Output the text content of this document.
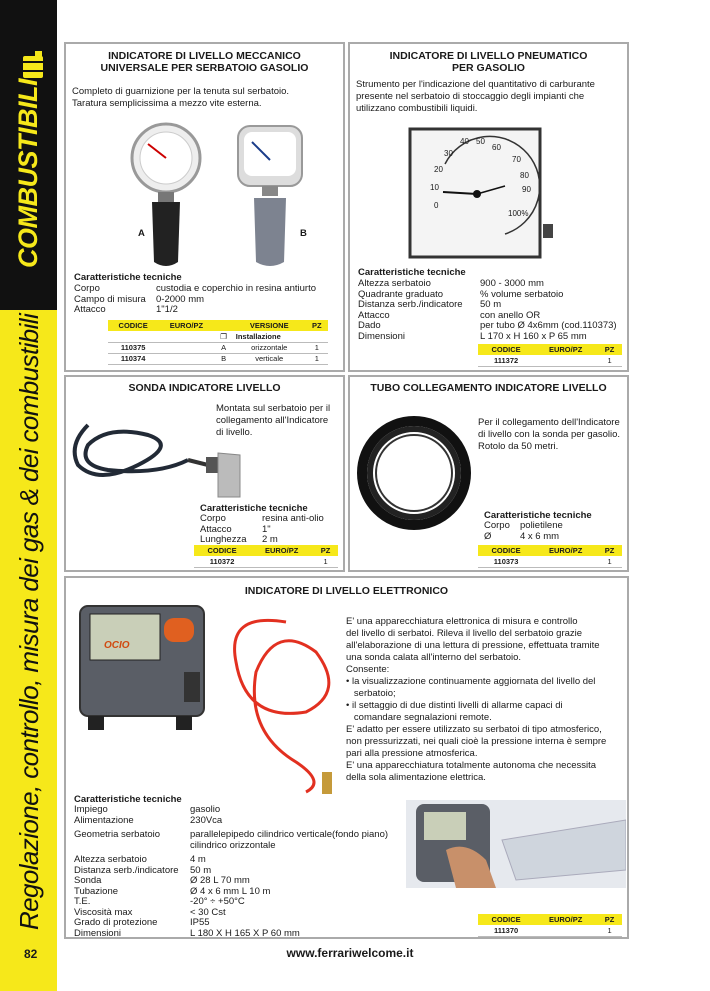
COMBUSTIBILI
Regolazione, controllo, misura dei gas & dei combustibili
82	www.ferrariwelcome.it
INDICATORE DI LIVELLO MECCANICO
UNIVERSALE PER SERBATOIO GASOLIO
Completo di guarnizione per la tenuta sul serbatoio.
Taratura semplicissima a mezzo vite esterna.
A	B
Caratteristiche tecniche
Corpo	custodia e coperchio in resina antiurto
Campo di misura	0-2000 mm
Attacco	1"1/2
CODICE	EURO/PZ		VERSIONE	PZ
		❐	Installazione	
110375		A	orizzontale	1
110374		B	verticale	1
INDICATORE DI LIVELLO PNEUMATICO
PER GASOLIO
Strumento per l'indicazione del quantitativo di carburante
presente nel serbatoio di stoccaggio degli impianti che
utilizzano combustibili liquidi.
40 50
60
30
70
20
80
10	90
0
100%
Caratteristiche tecniche
Altezza serbatoio	900 - 3000 mm
Quadrante graduato	% volume serbatoio
Distanza serb./indicatore	50 m
Attacco	con anello OR
Dado	per tubo Ø 4x6mm (cod.110373)
Dimensioni	L 170 x H 160 x P 65 mm
CODICE	EURO/PZ	PZ
111372		1
SONDA INDICATORE LIVELLO
Montata sul serbatoio per il
collegamento all'Indicatore
di livello.
Caratteristiche tecniche
Corpo	resina anti-olio
Attacco	1"
Lunghezza	2 m
CODICE	EURO/PZ	PZ
110372		1
TUBO COLLEGAMENTO INDICATORE LIVELLO
Per il collegamento dell'Indicatore
di livello con la sonda per gasolio.
Rotolo da 50 metri.
Caratteristiche tecniche
Corpo	polietilene
Ø	4 x 6 mm
CODICE	EURO/PZ	PZ
110373		1
INDICATORE DI LIVELLO ELETTRONICO
OCIO
E' una apparecchiatura elettronica di misura e controllo
del livello di serbatoi. Rileva il livello del serbatoio grazie
all'elaborazione di una lettura di pressione, effettuata tramite
una sonda calata all'interno del serbatoio.
Consente:
• la visualizzazione continuamente aggiornata del livello del
serbatoio;
• il settaggio di due distinti livelli di allarme capaci di
comandare segnalazioni remote.
E' adatto per essere utilizzato su serbatoi di tipo atmosferico,
non pressurizzati, nei quali cioè la pressione interna è sempre
pari alla pressione atmosferica.
E' una apparecchiatura totalmente autonoma che necessita
della sola alimentazione elettrica.
Caratteristiche tecniche
Impiego	gasolio
Alimentazione	230Vca
Geometria serbatoio	parallelepipedo cilindrico verticale(fondo piano)
cilindrico orizzontale
Altezza serbatoio	4 m
Distanza serb./indicatore	50 m
Sonda	Ø 28 L 70 mm
Tubazione	Ø 4 x 6 mm L 10 m
T.E.	-20° ÷ +50°C
Viscosità max	< 30 Cst
Grado di protezione	IP55
Dimensioni	L 180 X H 165 X P 60 mm
CODICE	EURO/PZ	PZ
111370		1
